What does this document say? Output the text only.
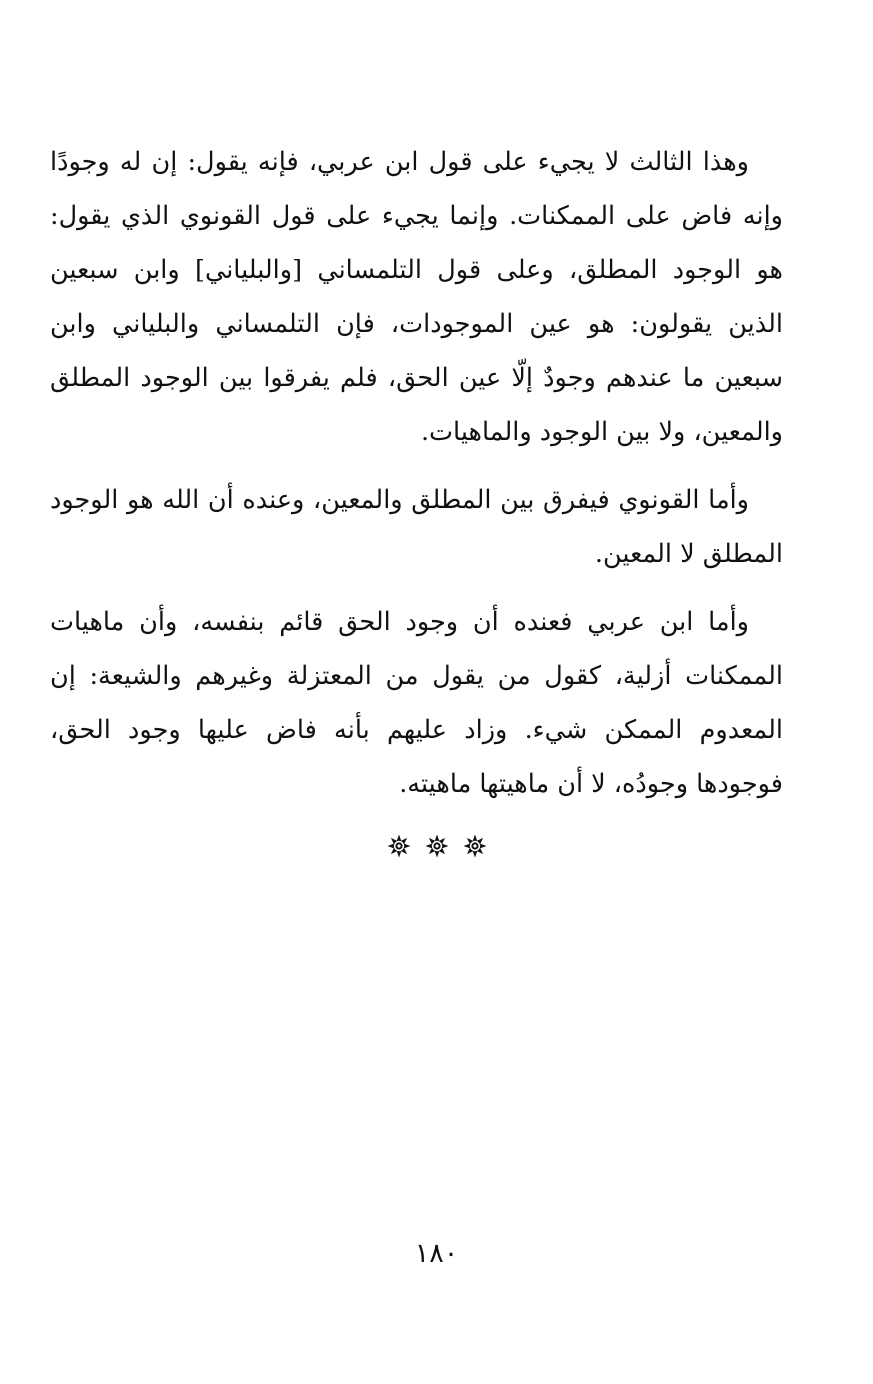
وهذا الثالث لا يجيء على قول ابن عربي، فإنه يقول: إن له وجودًا وإنه فاض على الممكنات. وإنما يجيء على قول القونوي الذي يقول: هو الوجود المطلق، وعلى قول التلمساني [والبلياني] وابن سبعين الذين يقولون: هو عين الموجودات، فإن التلمساني والبلياني وابن سبعين ما عندهم وجودٌ إلّا عين الحق، فلم يفرقوا بين الوجود المطلق والمعين، ولا بين الوجود والماهيات.

وأما القونوي فيفرق بين المطلق والمعين، وعنده أن الله هو الوجود المطلق لا المعين.

وأما ابن عربي فعنده أن وجود الحق قائم بنفسه، وأن ماهيات الممكنات أزلية، كقول من يقول من المعتزلة وغيرهم والشيعة: إن المعدوم الممكن شيء. وزاد عليهم بأنه فاض عليها وجود الحق، فوجودها وجودُه، لا أن ماهيتها ماهيته.

١٨٠
